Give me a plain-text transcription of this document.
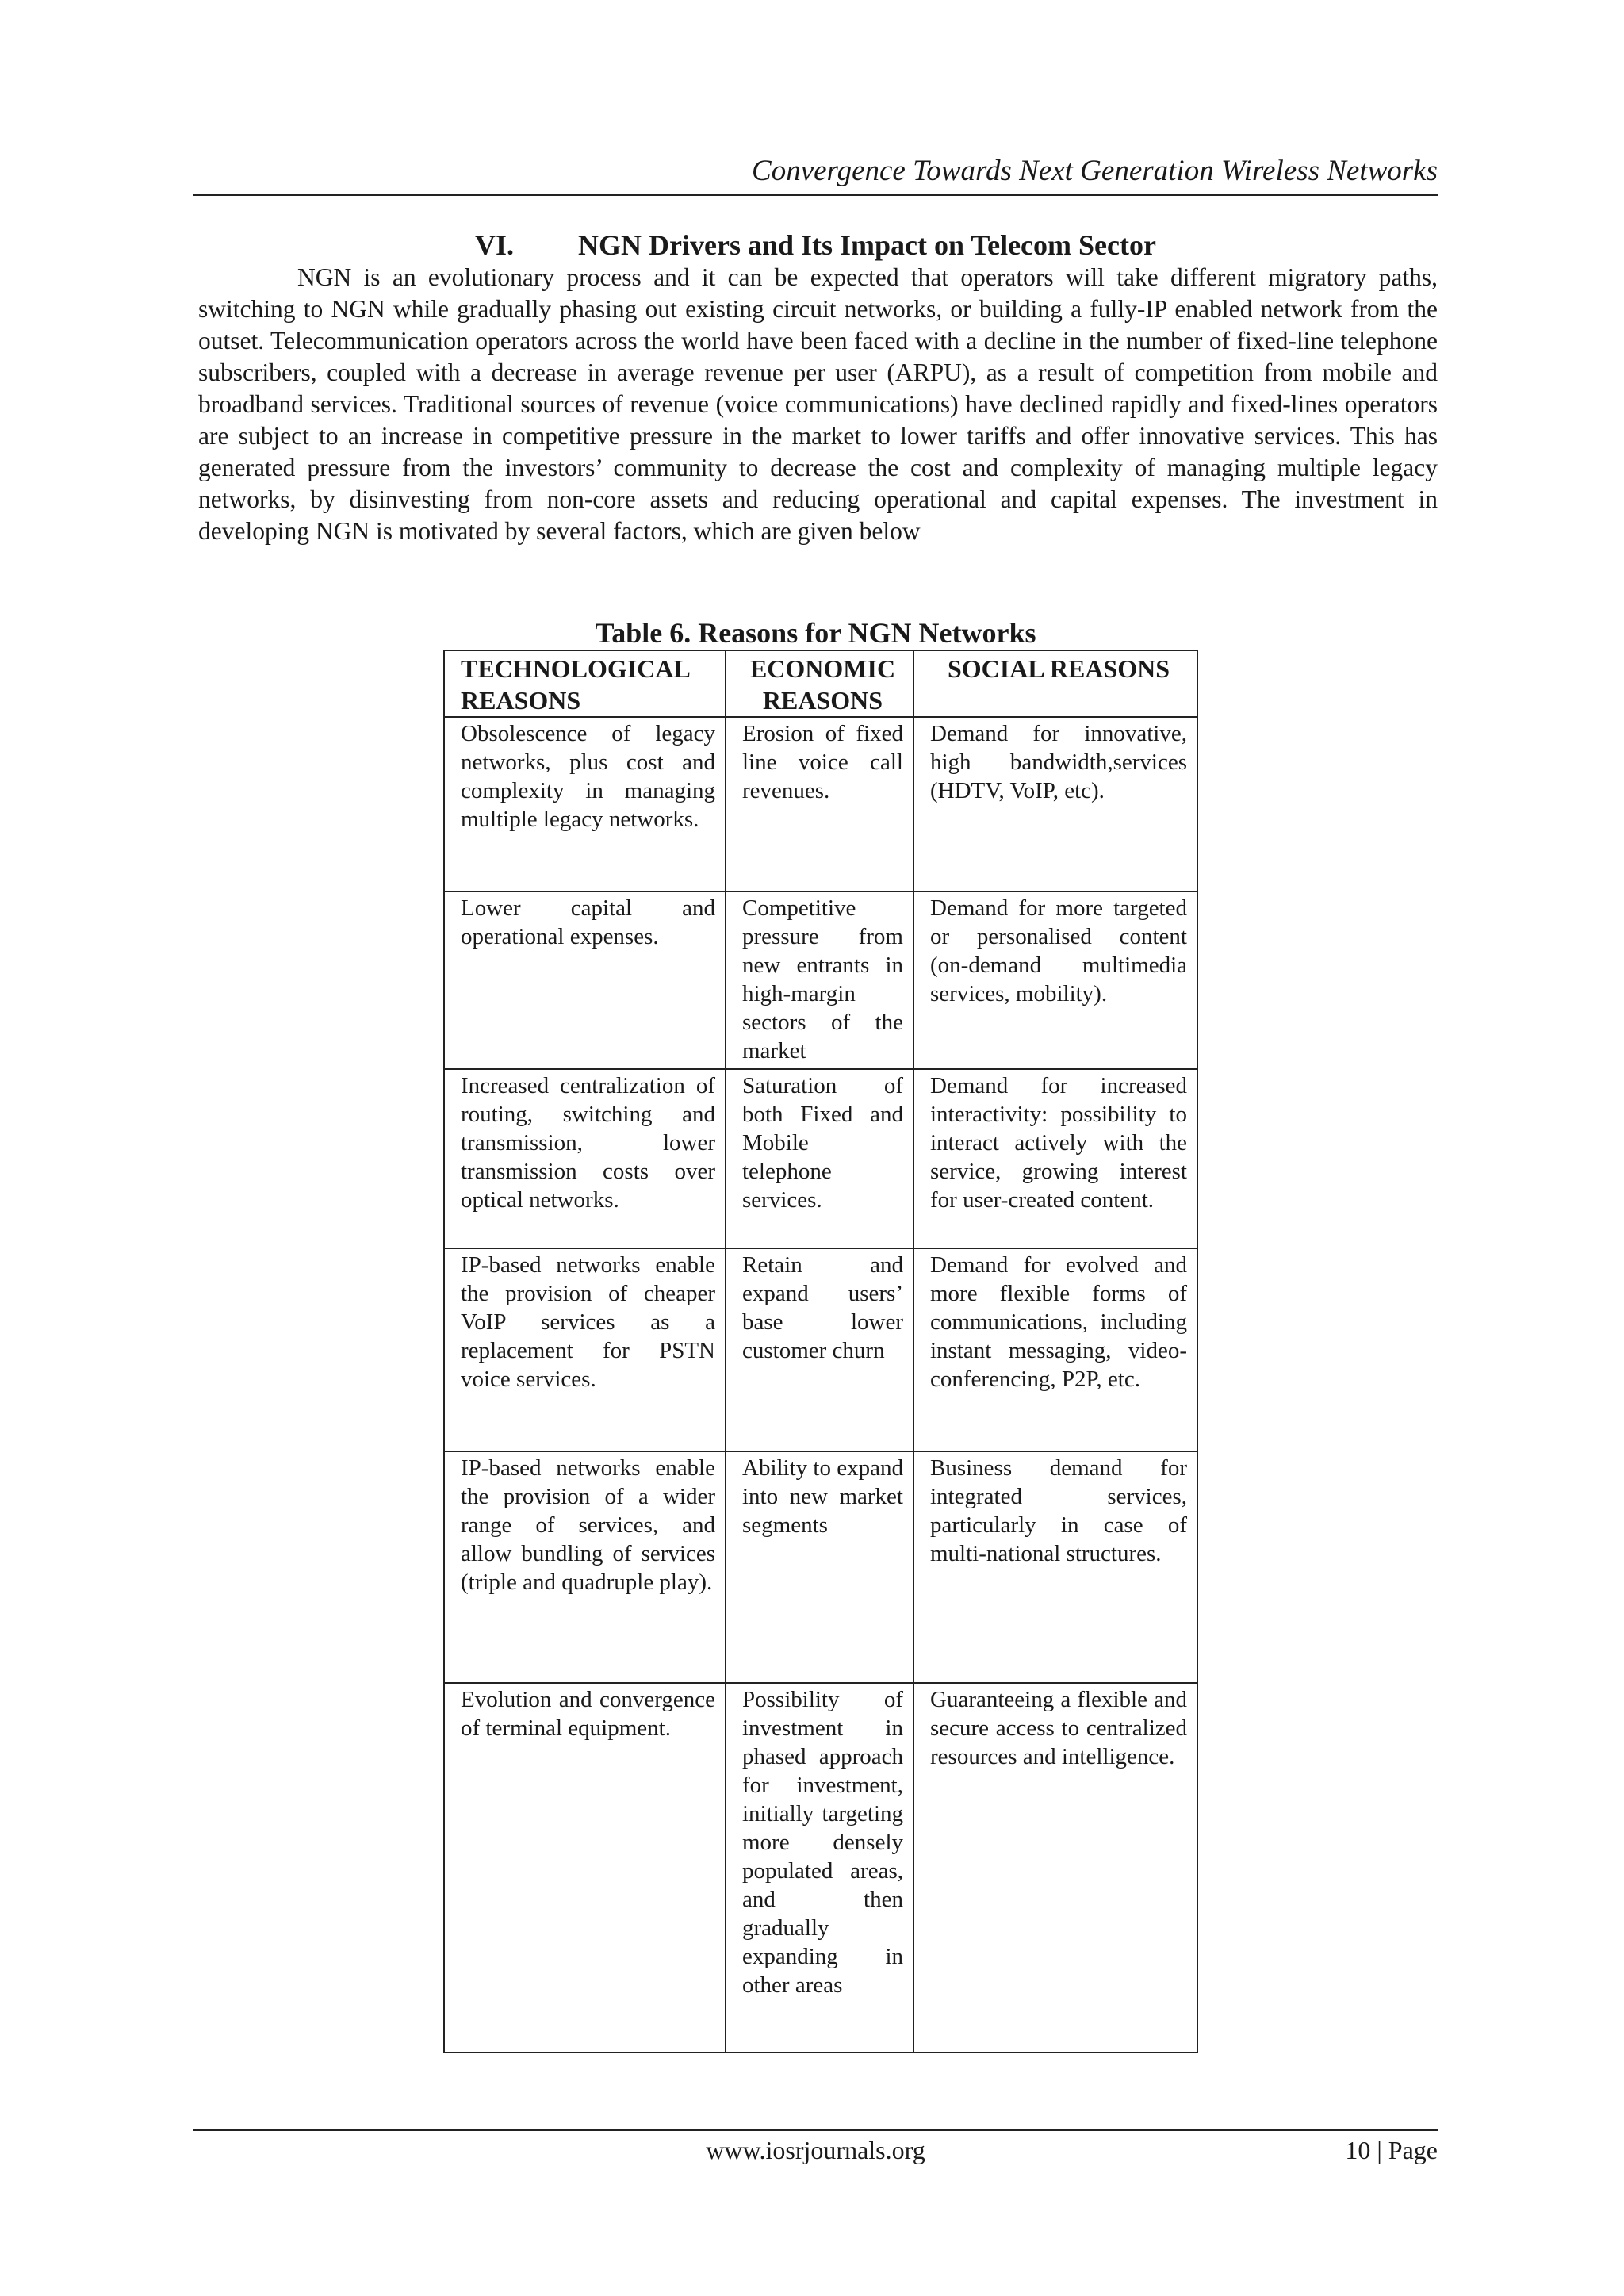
Convergence Towards Next Generation Wireless Networks
VI. NGN Drivers and Its Impact on Telecom Sector

NGN is an evolutionary process and it can be expected that operators will take different migratory paths, switching to NGN while gradually phasing out existing circuit networks, or building a fully-IP enabled network from the outset. Telecommunication operators across the world have been faced with a decline in the number of fixed-line telephone subscribers, coupled with a decrease in average revenue per user (ARPU), as a result of competition from mobile and broadband services. Traditional sources of revenue (voice communications) have declined rapidly and fixed-lines operators are subject to an increase in competitive pressure in the market to lower tariffs and offer innovative services. This has generated pressure from the investors’ community to decrease the cost and complexity of managing multiple legacy networks, by disinvesting from non-core assets and reducing operational and capital expenses. The investment in developing NGN is motivated by several factors, which are given below

Table 6. Reasons for NGN Networks
TECHNOLOGICAL REASONS	ECONOMIC REASONS	SOCIAL REASONS
Obsolescence of legacy networks, plus cost and complexity in managing multiple legacy networks.	Erosion of fixed line voice call revenues.	Demand for innovative, high bandwidth,services (HDTV, VoIP, etc).
Lower capital and operational expenses.	Competitive pressure from new entrants in high-margin sectors of the market	Demand for more targeted or personalised content (on-demand multimedia services, mobility).
Increased centralization of routing, switching and transmission, lower transmission costs over optical networks.	Saturation of both Fixed and Mobile telephone services.	Demand for increased interactivity: possibility to interact actively with the service, growing interest for user-created content.
IP-based networks enable the provision of cheaper VoIP services as a replacement for PSTN voice services.	Retain and expand users’ base lower customer churn	Demand for evolved and more flexible forms of communications, including instant messaging, video-conferencing, P2P, etc.
IP-based networks enable the provision of a wider range of services, and allow bundling of services (triple and quadruple play).	Ability to expand into new market segments	Business demand for integrated services, particularly in case of multi-national structures.
Evolution and convergence of terminal equipment.	Possibility of investment in phased approach for investment, initially targeting more densely populated areas, and then gradually expanding in other areas	Guaranteeing a flexible and secure access to centralized resources and intelligence.
www.iosrjournals.org	10 | Page
